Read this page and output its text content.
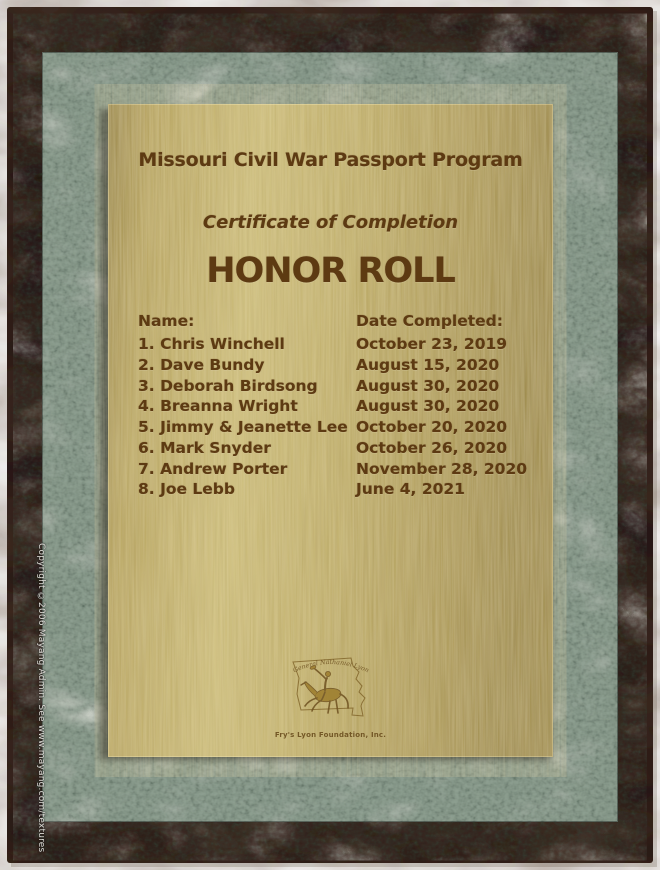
Missouri Civil War Passport Program
Certificate of Completion
HONOR ROLL
Name:	Date Completed:
1. Chris Winchell	October 23, 2019
2. Dave Bundy	August 15, 2020
3. Deborah Birdsong	August 30, 2020
4. Breanna Wright	August 30, 2020
5. Jimmy & Jeanette Lee October 20, 2020
6. Mark Snyder	October 26, 2020
7. Andrew Porter	November 28, 2020
8. Joe Lebb	June 4, 2021
General Nathaniel Lyon
Fry's Lyon Foundation, Inc.
Copyright ©2006 Mayang Admin. See www.mayang.com/textures
